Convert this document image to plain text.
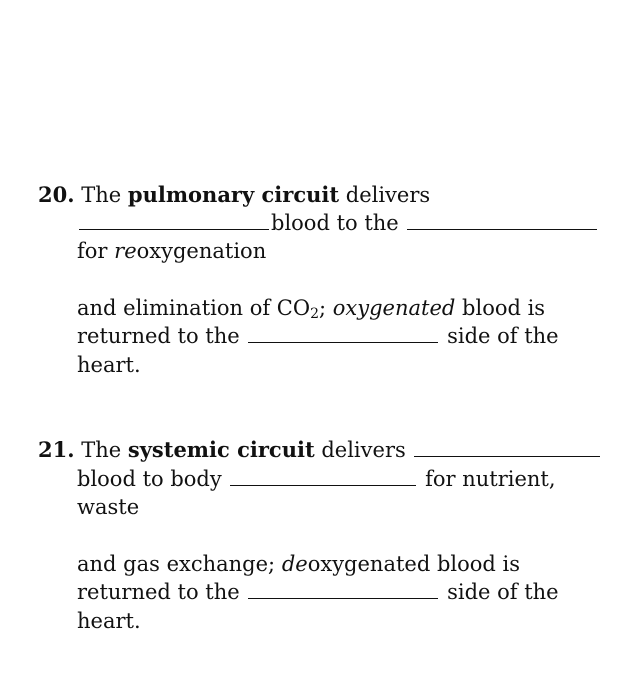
20. The pulmonary circuit delivers
blood to the
for reoxygenation
and elimination of $CO_2$; oxygenated blood is
returned to the	side of the
heart.
21. The systemic circuit delivers
blood to body	for nutrient,
waste
and gas exchange; deoxygenated blood is
returned to the	side of the
heart.
